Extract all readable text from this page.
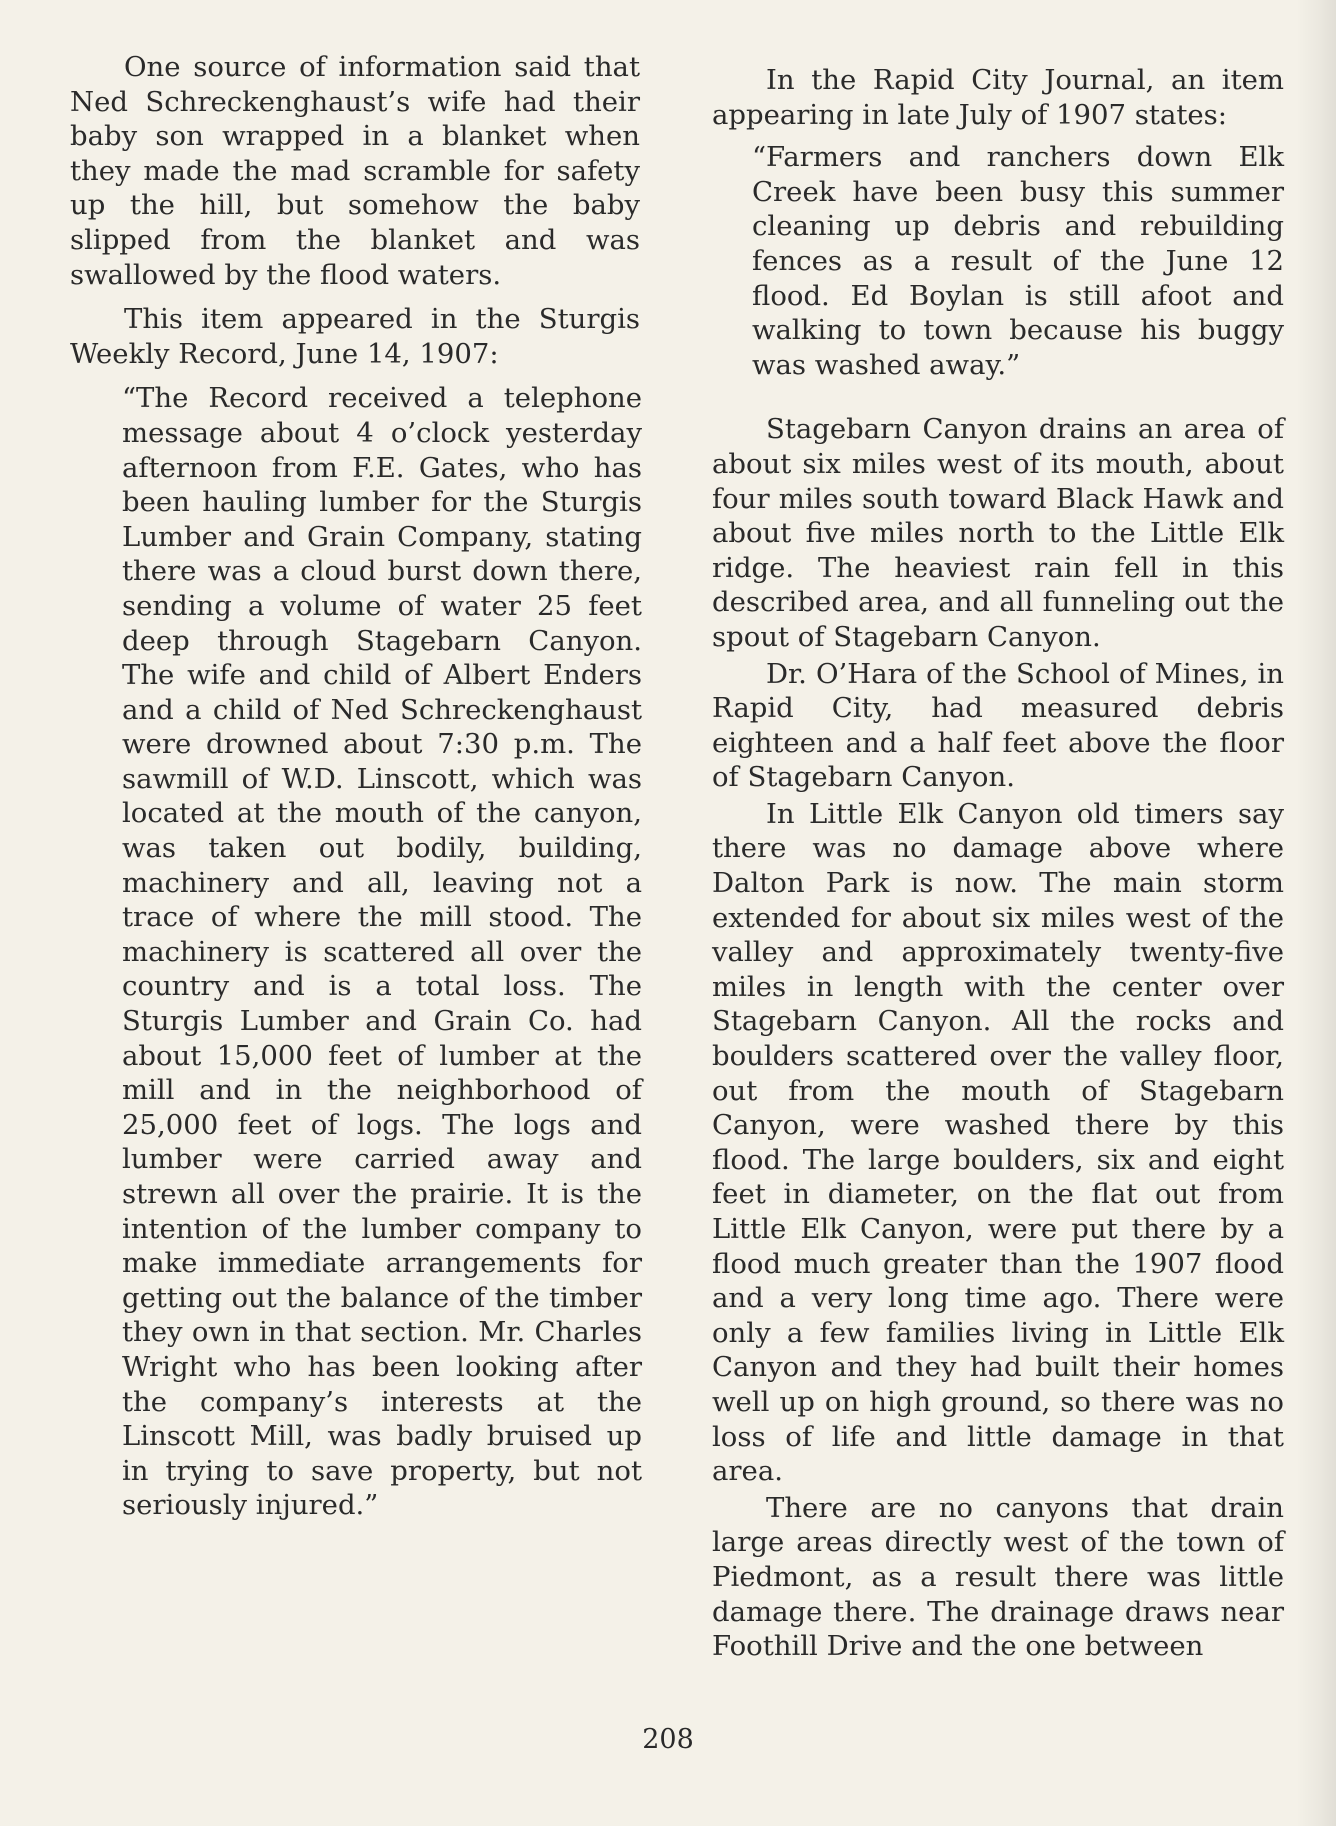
One source of information said that Ned Schreckenghaust’s wife had their baby son wrapped in a blanket when they made the mad scramble for safety up the hill, but somehow the baby slipped from the blanket and was swallowed by the flood waters.

This item appeared in the Sturgis Weekly Record, June 14, 1907:

“The Record received a telephone message about 4 o’clock yesterday afternoon from F.E. Gates, who has been hauling lumber for the Sturgis Lumber and Grain Company, stating there was a cloud burst down there, sending a volume of water 25 feet deep through Stagebarn Canyon. The wife and child of Albert Enders and a child of Ned Schreckenghaust were drowned about 7:30 p.m. The sawmill of W.D. Linscott, which was located at the mouth of the canyon, was taken out bodily, building, machinery and all, leaving not a trace of where the mill stood. The machinery is scattered all over the country and is a total loss. The Sturgis Lumber and Grain Co. had about 15,000 feet of lumber at the mill and in the neighborhood of 25,000 feet of logs. The logs and lumber were carried away and strewn all over the prairie. It is the intention of the lumber company to make immediate arrangements for getting out the balance of the timber they own in that section. Mr. Charles Wright who has been looking after the company’s interests at the Linscott Mill, was badly bruised up in trying to save property, but not seriously injured.”

In the Rapid City Journal, an item appearing in late July of 1907 states:

“Farmers and ranchers down Elk Creek have been busy this summer cleaning up debris and rebuilding fences as a result of the June 12 flood. Ed Boylan is still afoot and walking to town because his buggy was washed away.”

Stagebarn Canyon drains an area of about six miles west of its mouth, about four miles south toward Black Hawk and about five miles north to the Little Elk ridge. The heaviest rain fell in this described area, and all funneling out the spout of Stagebarn Canyon.

Dr. O’Hara of the School of Mines, in Rapid City, had measured debris eighteen and a half feet above the floor of Stagebarn Canyon.

In Little Elk Canyon old timers say there was no damage above where Dalton Park is now. The main storm extended for about six miles west of the valley and approximately twenty-five miles in length with the center over Stagebarn Canyon. All the rocks and boulders scattered over the valley floor, out from the mouth of Stagebarn Canyon, were washed there by this flood. The large boulders, six and eight feet in diameter, on the flat out from Little Elk Canyon, were put there by a flood much greater than the 1907 flood and a very long time ago. There were only a few families living in Little Elk Canyon and they had built their homes well up on high ground, so there was no loss of life and little damage in that area.

There are no canyons that drain large areas directly west of the town of Piedmont, as a result there was little damage there. The drainage draws near Foothill Drive and the one between

208
